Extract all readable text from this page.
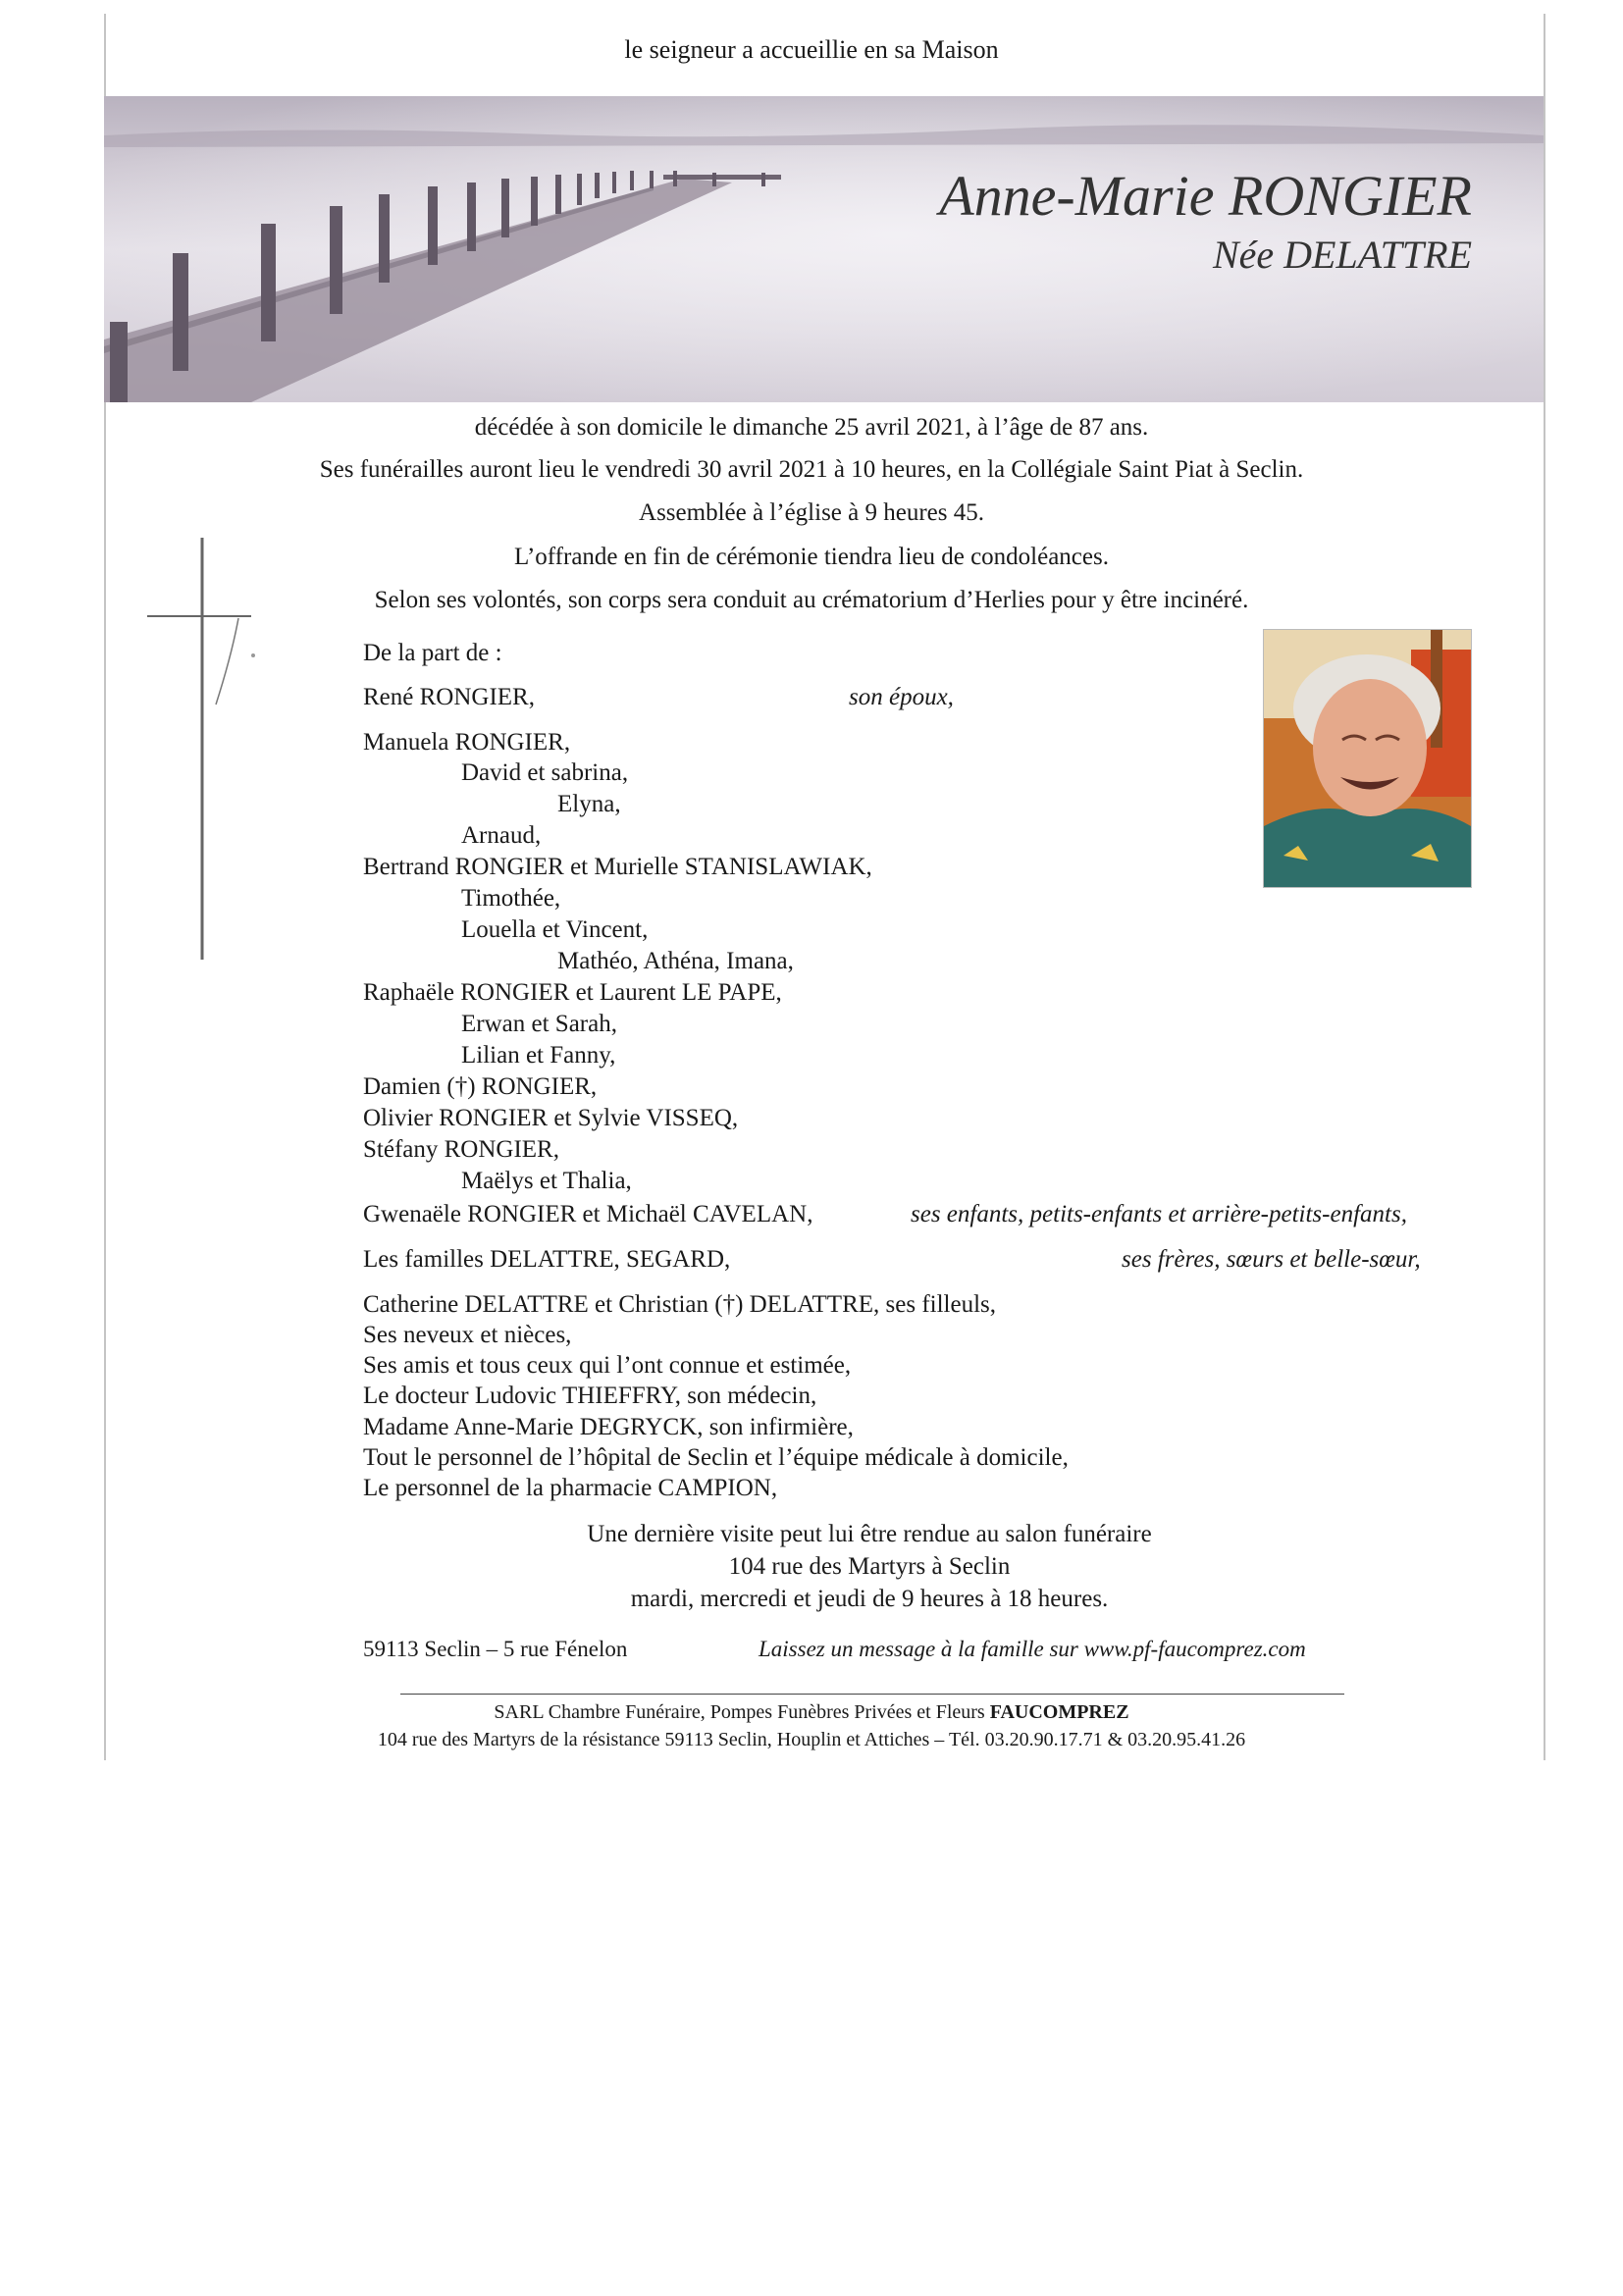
le seigneur a accueillie en sa Maison
Anne-Marie RONGIER
Née DELATTRE
décédée à son domicile le dimanche 25 avril 2021, à l’âge de 87 ans.
Ses funérailles auront lieu le vendredi 30 avril 2021 à 10 heures, en la Collégiale Saint Piat à Seclin.
Assemblée à l’église à 9 heures 45.
L’offrande en fin de cérémonie tiendra lieu de condoléances.
Selon ses volontés, son corps sera conduit au crématorium d’Herlies pour y être incinéré.
De la part de :
René RONGIER,	son époux,
Manuela RONGIER,
David et sabrina,
Elyna,
Arnaud,
Bertrand RONGIER et Murielle STANISLAWIAK,
Timothée,
Louella et Vincent,
Mathéo, Athéna, Imana,
Raphaële RONGIER et Laurent LE PAPE,
Erwan et Sarah,
Lilian et Fanny,
Damien (†) RONGIER,
Olivier RONGIER et Sylvie VISSEQ,
Stéfany RONGIER,
Maëlys et Thalia,
Gwenaële RONGIER et Michaël CAVELAN,	ses enfants, petits-enfants et arrière-petits-enfants,
Les familles DELATTRE, SEGARD,	ses frères, sœurs et belle-sœur,
Catherine DELATTRE et Christian (†) DELATTRE, ses filleuls,
Ses neveux et nièces,
Ses amis et tous ceux qui l’ont connue et estimée,
Le docteur Ludovic THIEFFRY, son médecin,
Madame Anne-Marie DEGRYCK, son infirmière,
Tout le personnel de l’hôpital de Seclin et l’équipe médicale à domicile,
Le personnel de la pharmacie CAMPION,
Une dernière visite peut lui être rendue au salon funéraire
104 rue des Martyrs à Seclin
mardi, mercredi et jeudi de 9 heures à 18 heures.
59113 Seclin – 5 rue Fénelon	Laissez un message à la famille sur www.pf-faucomprez.com
SARL Chambre Funéraire, Pompes Funèbres Privées et Fleurs FAUCOMPREZ
104 rue des Martyrs de la résistance 59113 Seclin, Houplin et Attiches – Tél. 03.20.90.17.71 & 03.20.95.41.26
